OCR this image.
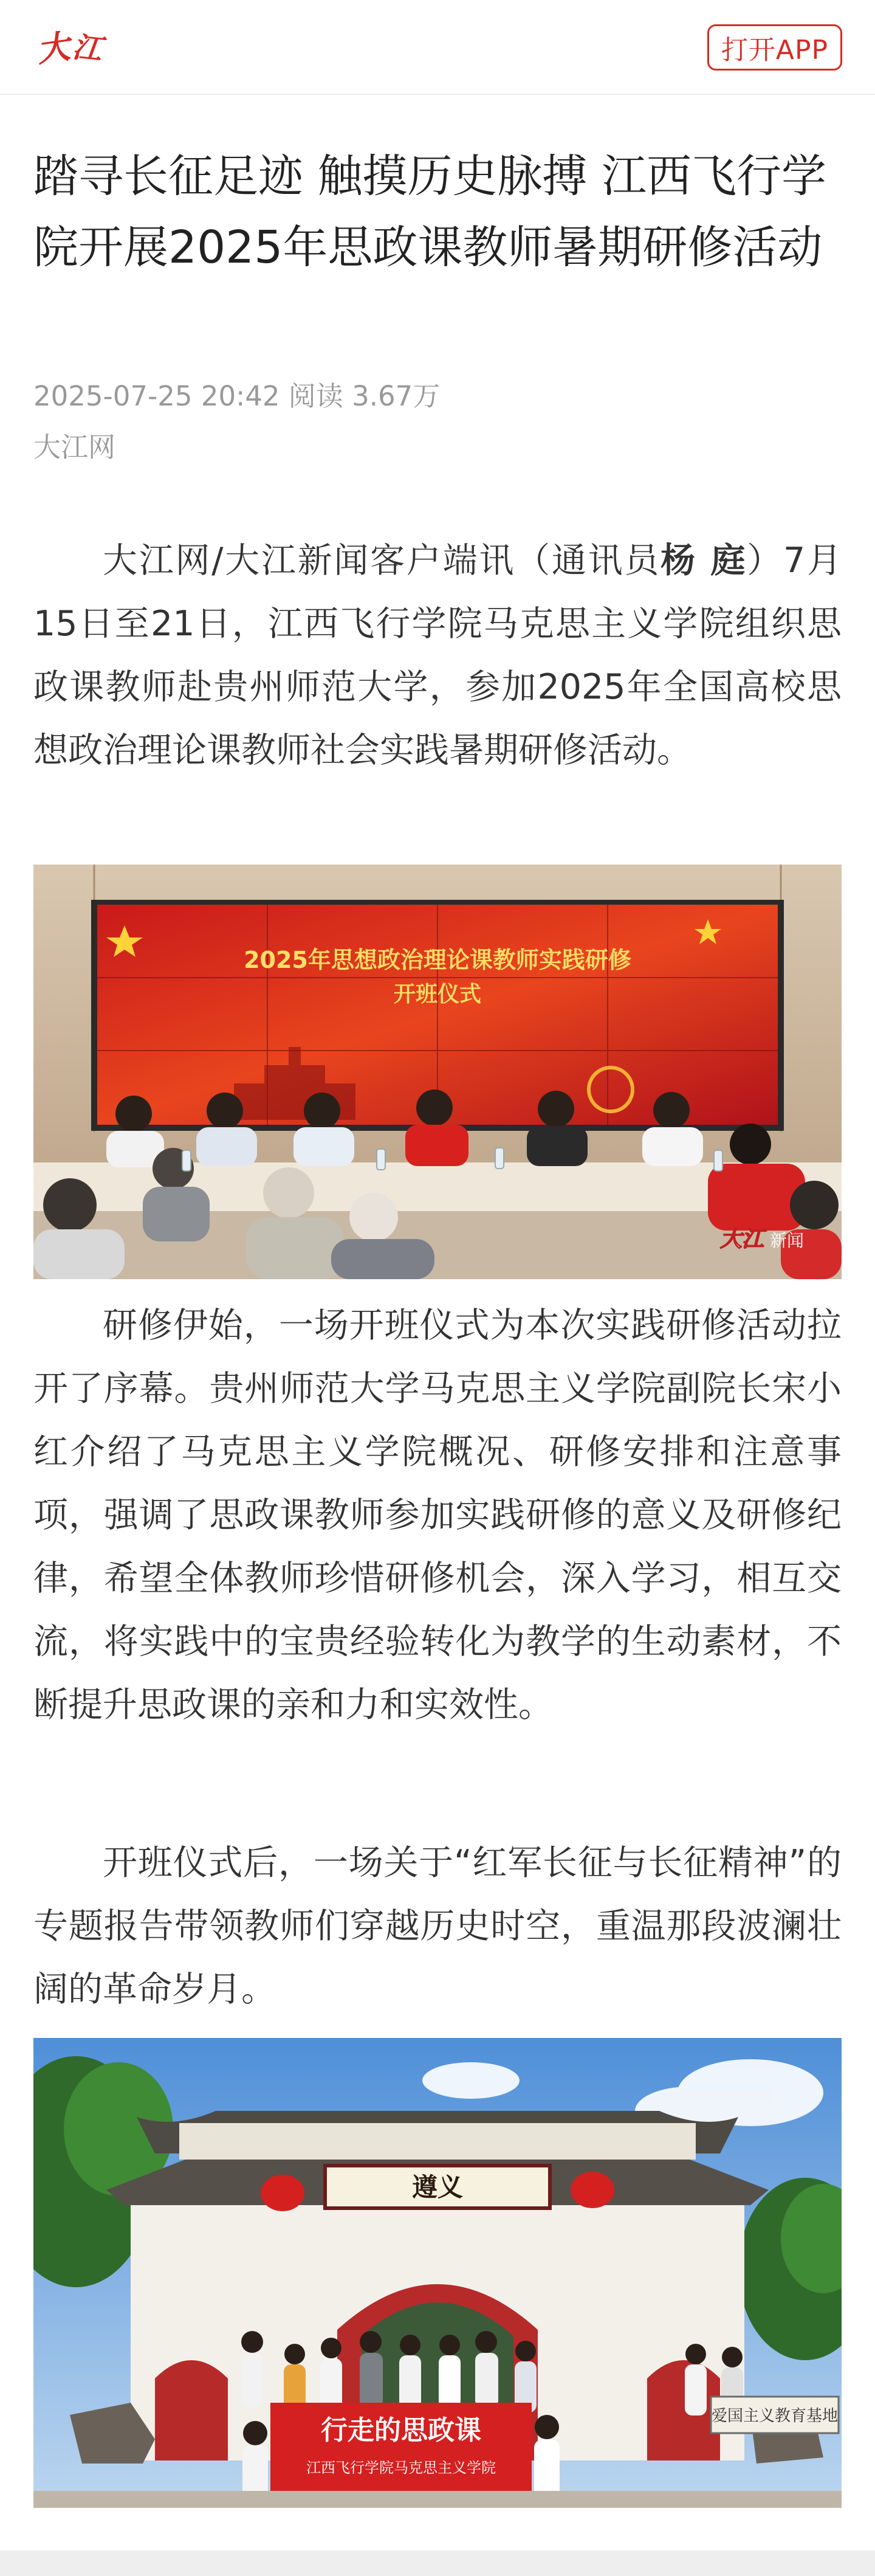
大
江	打开APP
踏寻长征足迹 触摸历史脉搏 江西飞行学院开展2025年思政课教师暑期研修活动
2025-07-25 20:42 阅读 3.67万
大江网

大江网/大江新闻客户端讯（通讯员杨 庭）7月15日至21日，江西飞行学院马克思主义学院组织思政课教师赴贵州师范大学，参加2025年全国高校思想政治理论课教师社会实践暑期研修活动。

2025年思想政治理论课教师实践研修
开班仪式
大江 新闻

研修伊始，一场开班仪式为本次实践研修活动拉开了序幕。贵州师范大学马克思主义学院副院长宋小红介绍了马克思主义学院概况、研修安排和注意事项，强调了思政课教师参加实践研修的意义及研修纪律，希望全体教师珍惜研修机会，深入学习，相互交流，将实践中的宝贵经验转化为教学的生动素材，不断提升思政课的亲和力和实效性。

开班仪式后，一场关于“红军长征与长征精神”的专题报告带领教师们穿越历史时空，重温那段波澜壮阔的革命岁月。

遵义
行走的思政课
江西飞行学院马克思主义学院
爱国主义教育基地
